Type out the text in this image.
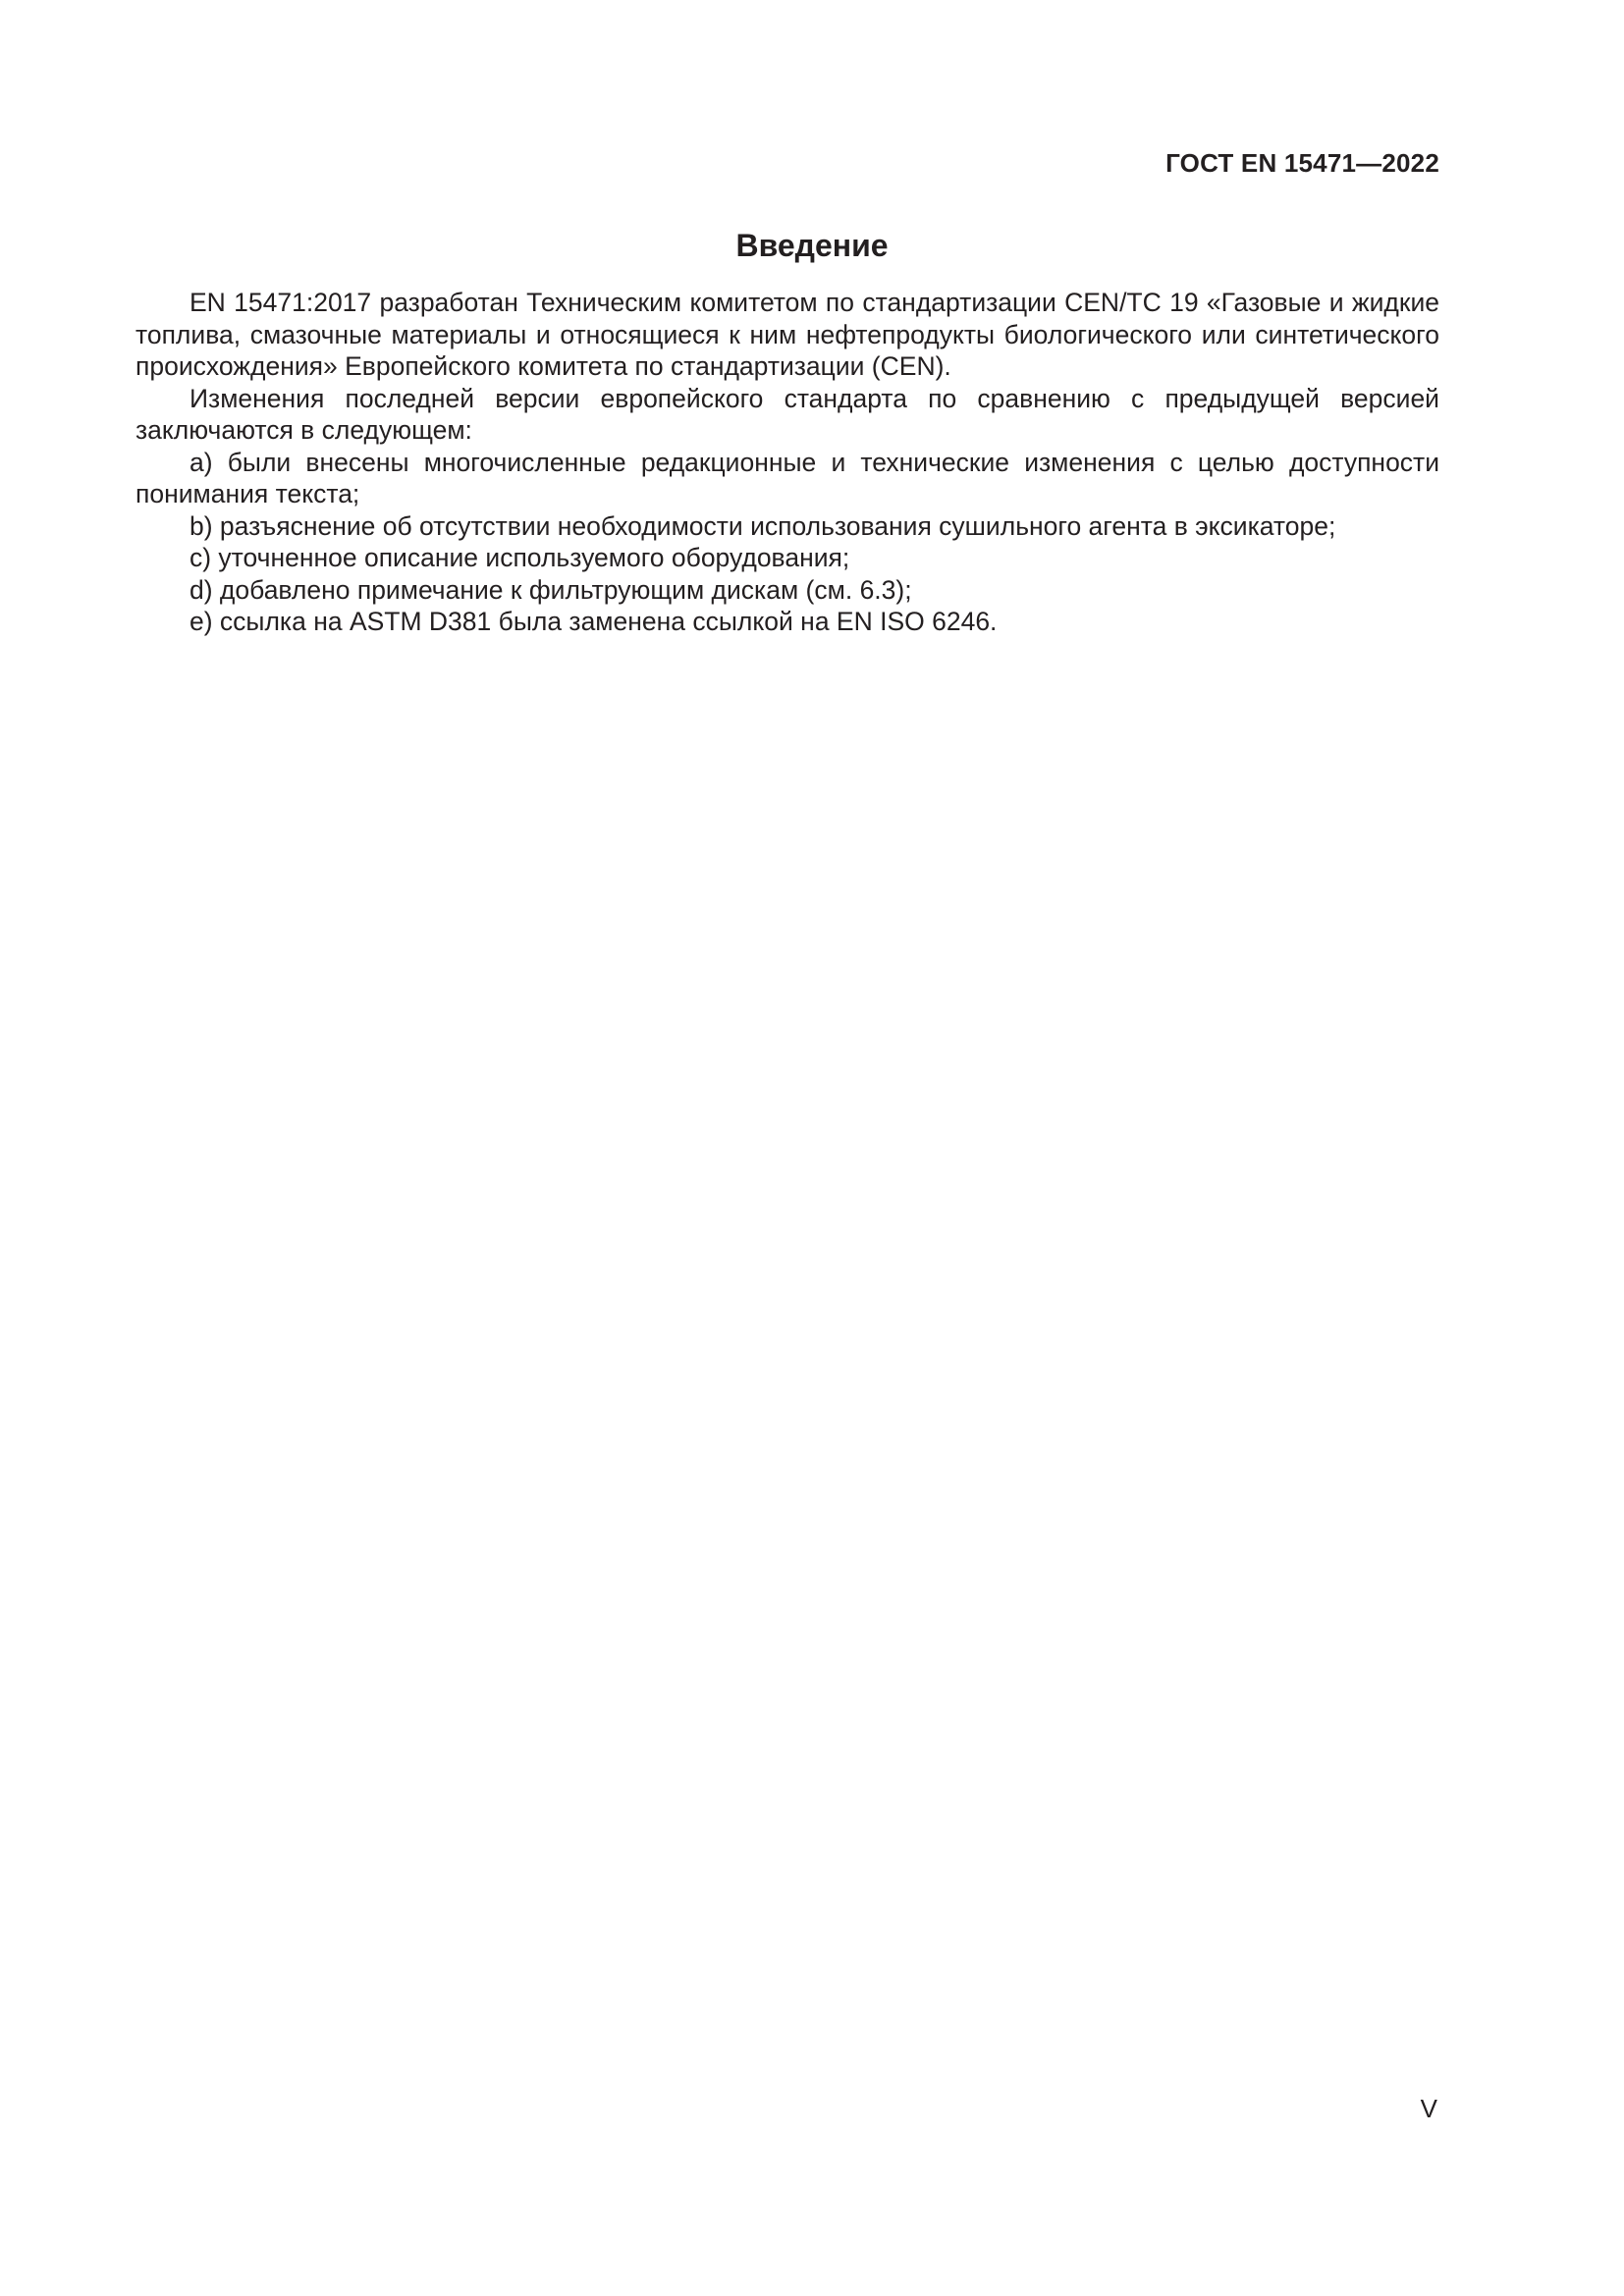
ГОСТ EN 15471—2022
Введение

EN 15471:2017 разработан Техническим комитетом по стандартизации CEN/TC 19 «Газовые и жидкие топлива, смазочные материалы и относящиеся к ним нефтепродукты биологического или синтетического происхождения» Европейского комитета по стандартизации (CEN).

Изменения последней версии европейского стандарта по сравнению с предыдущей версией заключаются в следующем:

a) были внесены многочисленные редакционные и технические изменения с целью доступности понимания текста;

b) разъяснение об отсутствии необходимости использования сушильного агента в эксикаторе;

c) уточненное описание используемого оборудования;

d) добавлено примечание к фильтрующим дискам (см. 6.3);

e) ссылка на ASTM D381 была заменена ссылкой на EN ISO 6246.

V
